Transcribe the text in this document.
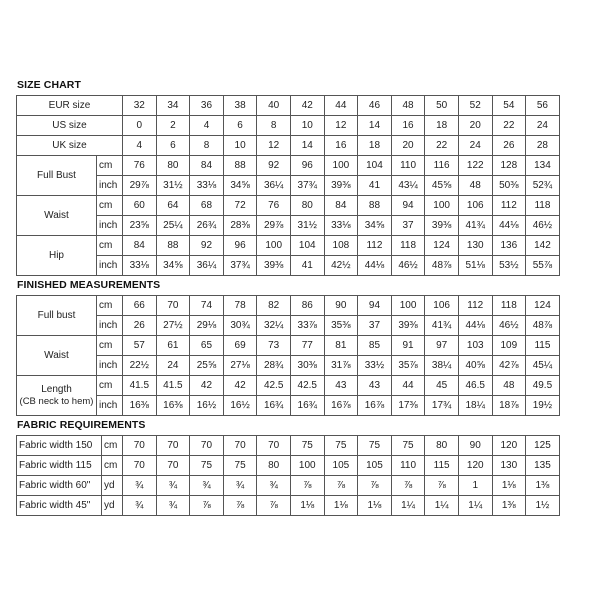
SIZE CHART
EUR size		32	34	36	38	40	42	44	46	48	50	52	54	56
US size		0	2	4	6	8	10	12	14	16	18	20	22	24
UK size		4	6	8	10	12	14	16	18	20	22	24	26	28
Full Bust	cm	76	80	84	88	92	96	100	104	110	116	122	128	134
	inch	29⅞	31½	33⅛	34⅝	36¼	37¾	39⅜	41	43¼	45⅝	48	50⅜	52¾
Waist	cm	60	64	68	72	76	80	84	88	94	100	106	112	118
	inch	23⅝	25¼	26¾	28⅜	29⅞	31½	33⅛	34⅝	37	39⅜	41¾	44⅛	46½
Hip	cm	84	88	92	96	100	104	108	112	118	124	130	136	142
	inch	33⅛	34⅝	36¼	37¾	39⅜	41	42½	44⅛	46½	48⅞	51⅛	53½	55⅞
FINISHED MEASUREMENTS
Full bust	cm	66	70	74	78	82	86	90	94	100	106	112	118	124
	inch	26	27½	29⅛	30¾	32¼	33⅞	35⅜	37	39⅜	41¾	44⅛	46½	48⅞

Waist	cm	57	61	65	69	73	77	81	85	91	97	103	109	115
	inch	22½	24	25⅝	27⅛	28¾	30⅜	31⅞	33½	35⅞	38¼	40⅝	42⅞	45¼

Length
(CB neck to hem)	cm	41.5	41.5	42	42	42.5	42.5	43	43	44	45	46.5	48	49.5
	inch	16⅜	16⅜	16½	16½	16¾	16¾	16⅞	16⅞	17⅜	17¾	18¼	18⅞	19½
FABRIC REQUIREMENTS
Fabric width 150	cm	70	70	70	70	70	75	75	75	75	80	90	120	125
Fabric width 115	cm	70	70	75	75	80	100	105	105	110	115	120	130	135
Fabric width 60"	yd	¾	¾	¾	¾	¾	⅞	⅞	⅞	⅞	⅞	1	1⅛	1⅜
Fabric width 45"	yd	¾	¾	⅞	⅞	⅞	1⅛	1⅛	1⅛	1¼	1¼	1¼	1⅜	1½
